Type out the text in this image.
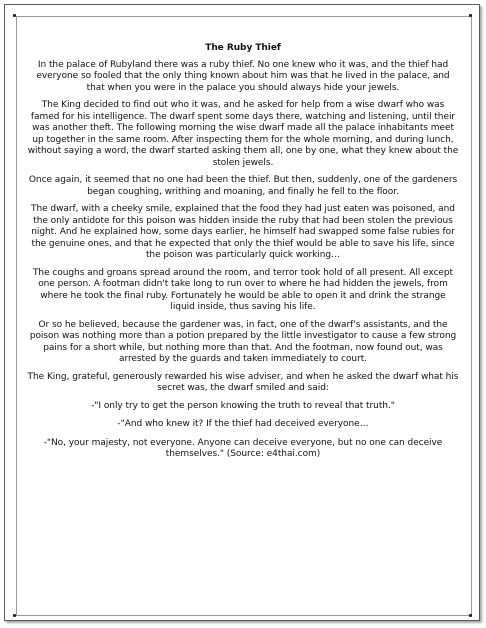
The Ruby Thief

In the palace of Rubyland there was a ruby thief. No one knew who it was, and the thief had everyone so fooled that the only thing known about him was that he lived in the palace, and that when you were in the palace you should always hide your jewels.

The King decided to find out who it was, and he asked for help from a wise dwarf who was famed for his intelligence. The dwarf spent some days there, watching and listening, until their was another theft. The following morning the wise dwarf made all the palace inhabitants meet up together in the same room. After inspecting them for the whole morning, and during lunch, without saying a word, the dwarf started asking them all, one by one, what they knew about the stolen jewels.

Once again, it seemed that no one had been the thief. But then, suddenly, one of the gardeners began coughing, writhing and moaning, and finally he fell to the floor.

The dwarf, with a cheeky smile, explained that the food they had just eaten was poisoned, and the only antidote for this poison was hidden inside the ruby that had been stolen the previous night. And he explained how, some days earlier, he himself had swapped some false rubies for the genuine ones, and that he expected that only the thief would be able to save his life, since the poison was particularly quick working…

The coughs and groans spread around the room, and terror took hold of all present. All except one person. A footman didn't take long to run over to where he had hidden the jewels, from where he took the final ruby. Fortunately he would be able to open it and drink the strange liquid inside, thus saving his life.

Or so he believed, because the gardener was, in fact, one of the dwarf's assistants, and the poison was nothing more than a potion prepared by the little investigator to cause a few strong pains for a short while, but nothing more than that. And the footman, now found out, was arrested by the guards and taken immediately to court.

The King, grateful, generously rewarded his wise adviser, and when he asked the dwarf what his secret was, the dwarf smiled and said:

-"I only try to get the person knowing the truth to reveal that truth."

-"And who knew it? If the thief had deceived everyone…

-"No, your majesty, not everyone. Anyone can deceive everyone, but no one can deceive themselves." (Source: e4thai.com)
